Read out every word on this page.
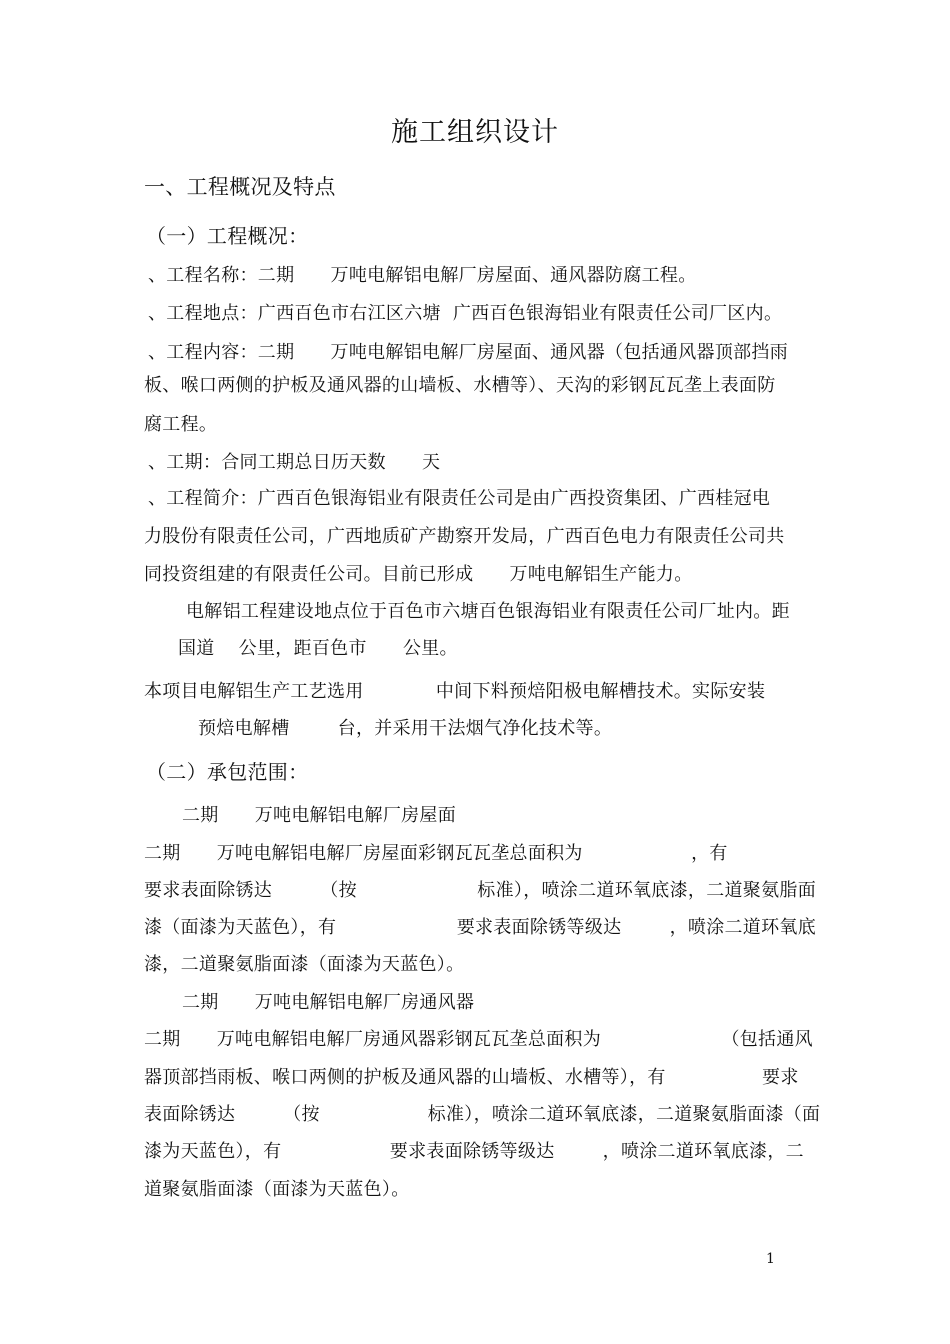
施工组织设计
一、工程概况及特点
（一）工程概况：
、工程名称：二期      万吨电解铝电解厂房屋面、通风器防腐工程。
、工程地点：广西百色市右江区六塘  广西百色银海铝业有限责任公司厂区内。
、工程内容：二期      万吨电解铝电解厂房屋面、通风器（包括通风器顶部挡雨
板、喉口两侧的护板及通风器的山墙板、水槽等）、天沟的彩钢瓦瓦垄上表面防
腐工程。
、工期：合同工期总日历天数      天
、工程简介：广西百色银海铝业有限责任公司是由广西投资集团、广西桂冠电
力股份有限责任公司，广西地质矿产勘察开发局，广西百色电力有限责任公司共
同投资组建的有限责任公司。目前已形成      万吨电解铝生产能力。
电解铝工程建设地点位于百色市六塘百色银海铝业有限责任公司厂址内。距
国道    公里，距百色市      公里。
本项目电解铝生产工艺选用            中间下料预焙阳极电解槽技术。实际安装
预焙电解槽        台，并采用干法烟气净化技术等。
（二）承包范围：
二期      万吨电解铝电解厂房屋面
二期      万吨电解铝电解厂房屋面彩钢瓦瓦垄总面积为                  ，有
要求表面除锈达        （按                    标准），喷涂二道环氧底漆，二道聚氨脂面
漆（面漆为天蓝色），有                    要求表面除锈等级达        ，喷涂二道环氧底
漆，二道聚氨脂面漆（面漆为天蓝色）。
二期      万吨电解铝电解厂房通风器
二期      万吨电解铝电解厂房通风器彩钢瓦瓦垄总面积为                    （包括通风
器顶部挡雨板、喉口两侧的护板及通风器的山墙板、水槽等），有                要求
表面除锈达        （按                  标准），喷涂二道环氧底漆，二道聚氨脂面漆（面
漆为天蓝色），有                  要求表面除锈等级达        ，喷涂二道环氧底漆，二
道聚氨脂面漆（面漆为天蓝色）。
1
